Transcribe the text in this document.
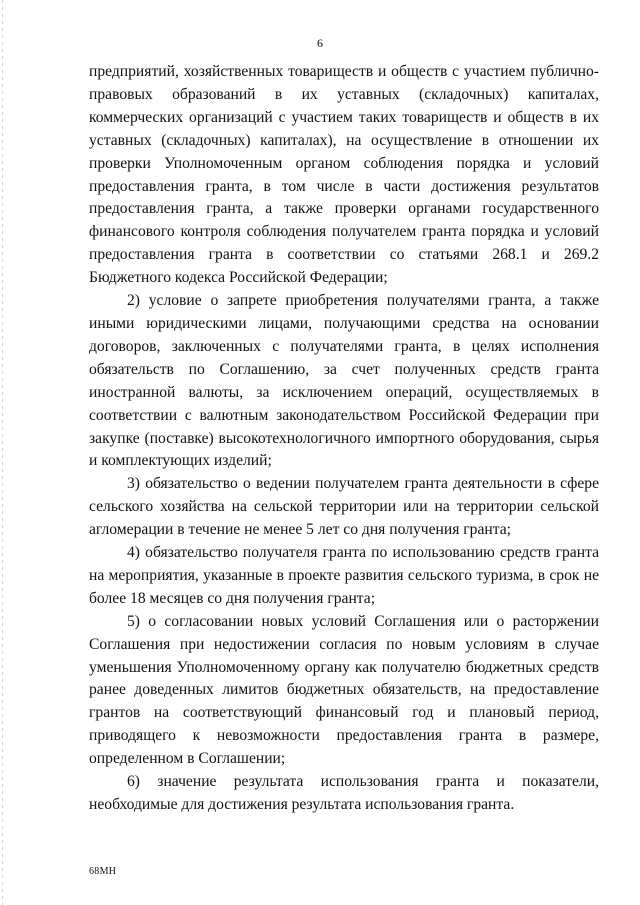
6

предприятий, хозяйственных товариществ и обществ с участием публично-правовых образований в их уставных (складочных) капиталах, коммерческих организаций с участием таких товариществ и обществ в их уставных (складочных) капиталах), на осуществление в отношении их проверки Уполномоченным органом соблюдения порядка и условий предоставления гранта, в том числе в части достижения результатов предоставления гранта, а также проверки органами государственного финансового контроля соблюдения получателем гранта порядка и условий предоставления гранта в соответствии со статьями 268.1 и 269.2 Бюджетного кодекса Российской Федерации;

2) условие о запрете приобретения получателями гранта, а также иными юридическими лицами, получающими средства на основании договоров, заключенных с получателями гранта, в целях исполнения обязательств по Соглашению, за счет полученных средств гранта иностранной валюты, за исключением операций, осуществляемых в соответствии с валютным законодательством Российской Федерации при закупке (поставке) высокотехнологичного импортного оборудования, сырья и комплектующих изделий;

3) обязательство о ведении получателем гранта деятельности в сфере сельского хозяйства на сельской территории или на территории сельской агломерации в течение не менее 5 лет со дня получения гранта;

4) обязательство получателя гранта по использованию средств гранта на мероприятия, указанные в проекте развития сельского туризма, в срок не более 18 месяцев со дня получения гранта;

5) о согласовании новых условий Соглашения или о расторжении Соглашения при недостижении согласия по новым условиям в случае уменьшения Уполномоченному органу как получателю бюджетных средств ранее доведенных лимитов бюджетных обязательств, на предоставление грантов на соответствующий финансовый год и плановый период, приводящего к невозможности предоставления гранта в размере, определенном в Соглашении;

6) значение результата использования гранта и показатели, необходимые для достижения результата использования гранта.

68МН
